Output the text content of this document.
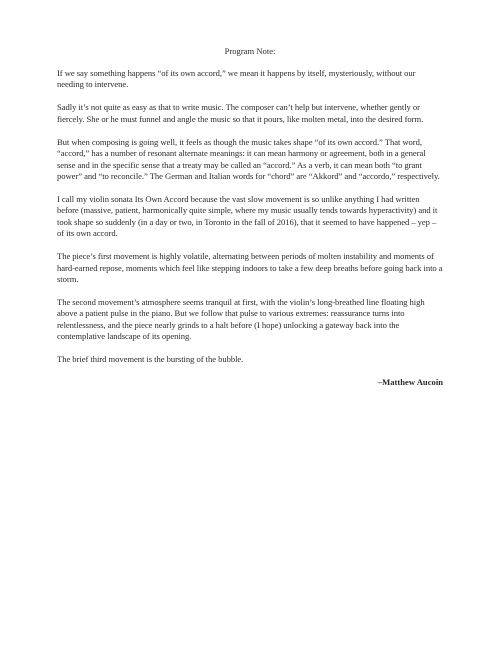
Program Note:

If we say something happens “of its own accord,” we mean it happens by itself, mysteriously, without our needing to intervene.

Sadly it’s not quite as easy as that to write music. The composer can’t help but intervene, whether gently or fiercely. She or he must funnel and angle the music so that it pours, like molten metal, into the desired form.

But when composing is going well, it feels as though the music takes shape “of its own accord.” That word, “accord,” has a number of resonant alternate meanings: it can mean harmony or agreement, both in a general sense and in the specific sense that a treaty may be called an “accord.” As a verb, it can mean both “to grant power” and “to reconcile.” The German and Italian words for “chord” are “Akkord” and “accordo,” respectively.

I call my violin sonata Its Own Accord because the vast slow movement is so unlike anything I had written before (massive, patient, harmonically quite simple, where my music usually tends towards hyperactivity) and it took shape so suddenly (in a day or two, in Toronto in the fall of 2016), that it seemed to have happened – yep – of its own accord.

The piece’s first movement is highly volatile, alternating between periods of molten instability and moments of hard-earned repose, moments which feel like stepping indoors to take a few deep breaths before going back into a storm.

The second movement’s atmosphere seems tranquil at first, with the violin’s long-breathed line floating high above a patient pulse in the piano. But we follow that pulse to various extremes: reassurance turns into relentlessness, and the piece nearly grinds to a halt before (I hope) unlocking a gateway back into the contemplative landscape of its opening.

The brief third movement is the bursting of the bubble.

–Matthew Aucoin
